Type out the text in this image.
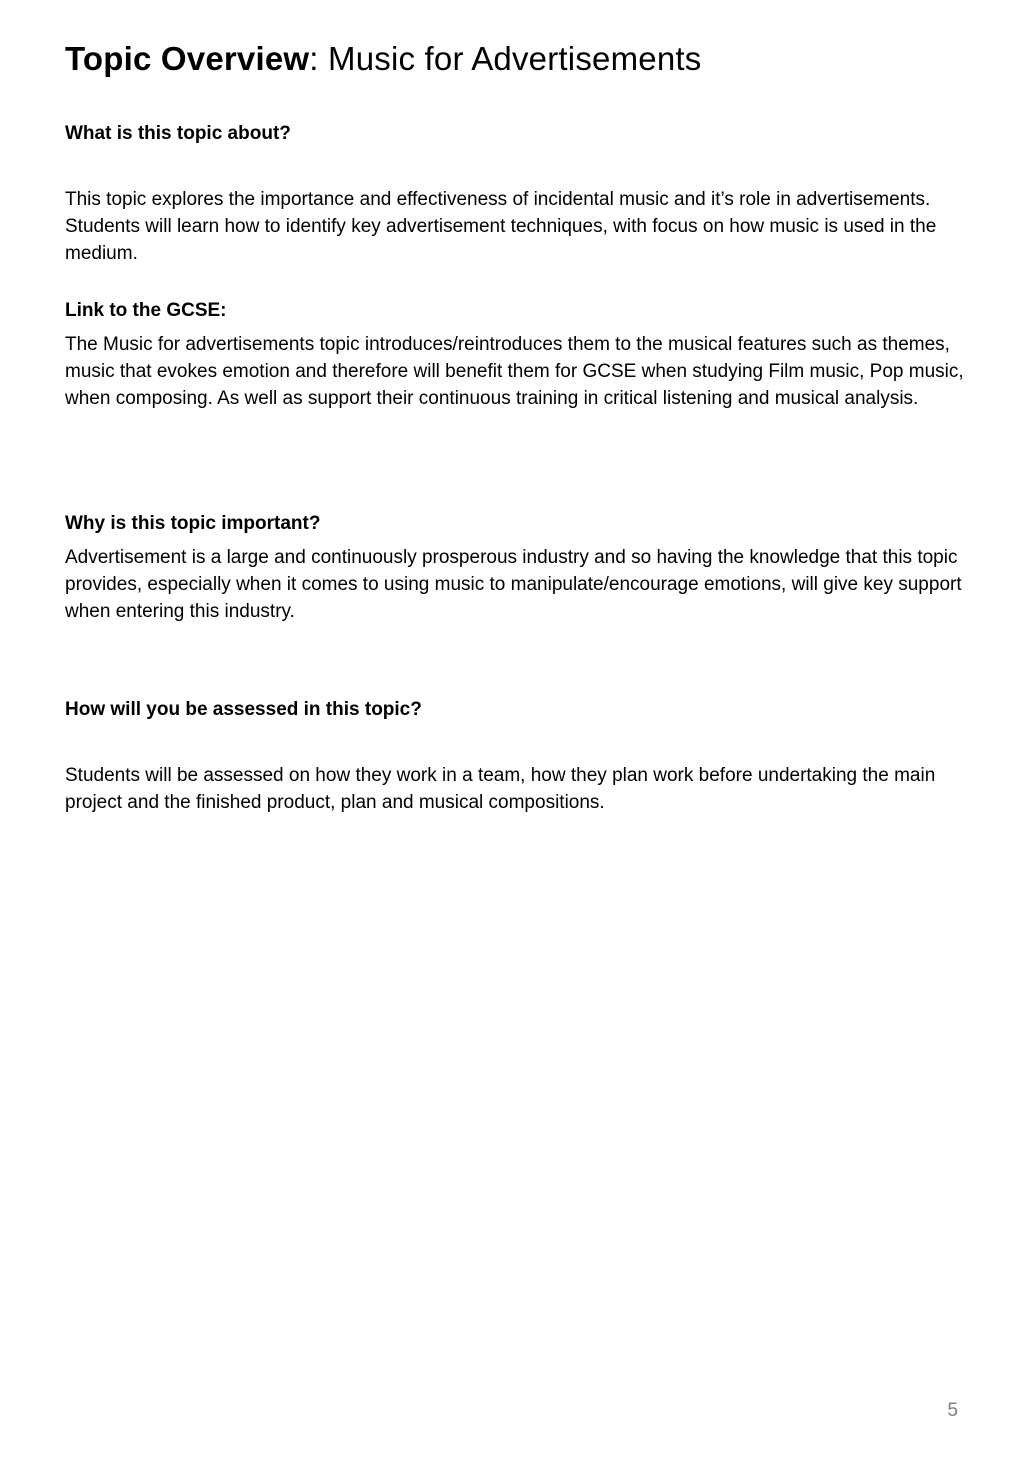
Topic Overview: Music for Advertisements
What is this topic about?

This topic explores the importance and effectiveness of incidental music and it’s role in advertisements. Students will learn how to identify key advertisement techniques, with focus on how music is used in the medium.

Link to the GCSE:

The Music for advertisements topic introduces/reintroduces them to the musical features such as themes, music that evokes emotion and therefore will benefit them for GCSE when studying Film music, Pop music, when composing. As well as support their continuous training in critical listening and musical analysis.

Why is this topic important?

Advertisement is a large and continuously prosperous industry and so having the knowledge that this topic provides, especially when it comes to using music to manipulate/encourage emotions, will give key support when entering this industry.

How will you be assessed in this topic?

Students will be assessed on how they work in a team, how they plan work before undertaking the main project and the finished product, plan and musical compositions.

5
